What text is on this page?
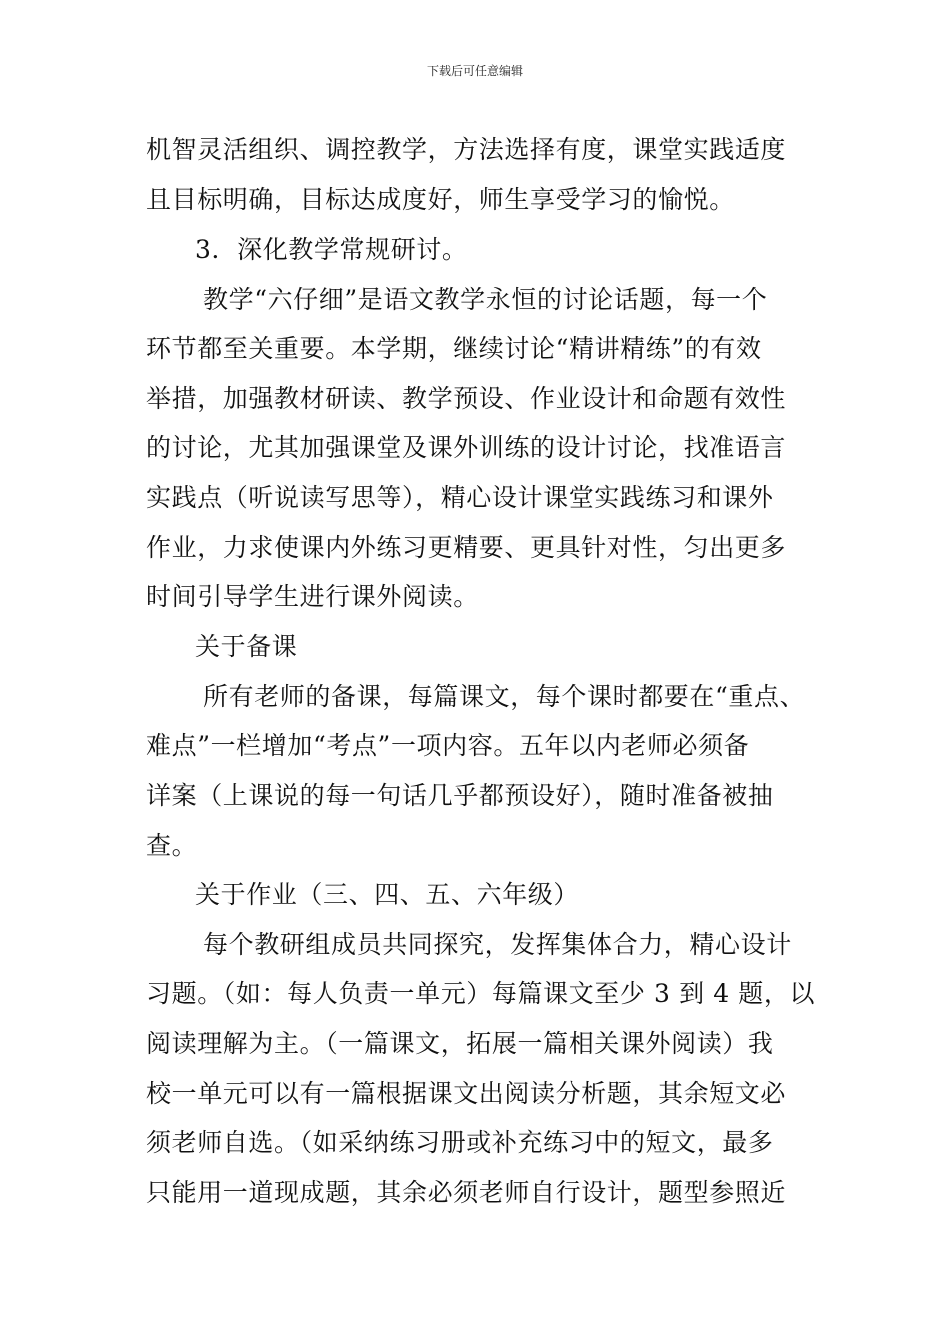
下载后可任意编辑
机智灵活组织、调控教学，方法选择有度，课堂实践适度
且目标明确，目标达成度好，师生享受学习的愉悦。
3．深化教学常规研讨。
教学“六仔细”是语文教学永恒的讨论话题，每一个
环节都至关重要。本学期，继续讨论“精讲精练”的有效
举措，加强教材研读、教学预设、作业设计和命题有效性
的讨论，尤其加强课堂及课外训练的设计讨论，找准语言
实践点（听说读写思等），精心设计课堂实践练习和课外
作业，力求使课内外练习更精要、更具针对性，匀出更多
时间引导学生进行课外阅读。
关于备课
所有老师的备课，每篇课文，每个课时都要在“重点、
难点”一栏增加“考点”一项内容。五年以内老师必须备
详案（上课说的每一句话几乎都预设好），随时准备被抽
查。
关于作业（三、四、五、六年级）
每个教研组成员共同探究，发挥集体合力，精心设计
习题。（如：每人负责一单元）每篇课文至少 3 到 4 题，以
阅读理解为主。（一篇课文，拓展一篇相关课外阅读）我
校一单元可以有一篇根据课文出阅读分析题，其余短文必
须老师自选。（如采纳练习册或补充练习中的短文，最多
只能用一道现成题，其余必须老师自行设计，题型参照近
